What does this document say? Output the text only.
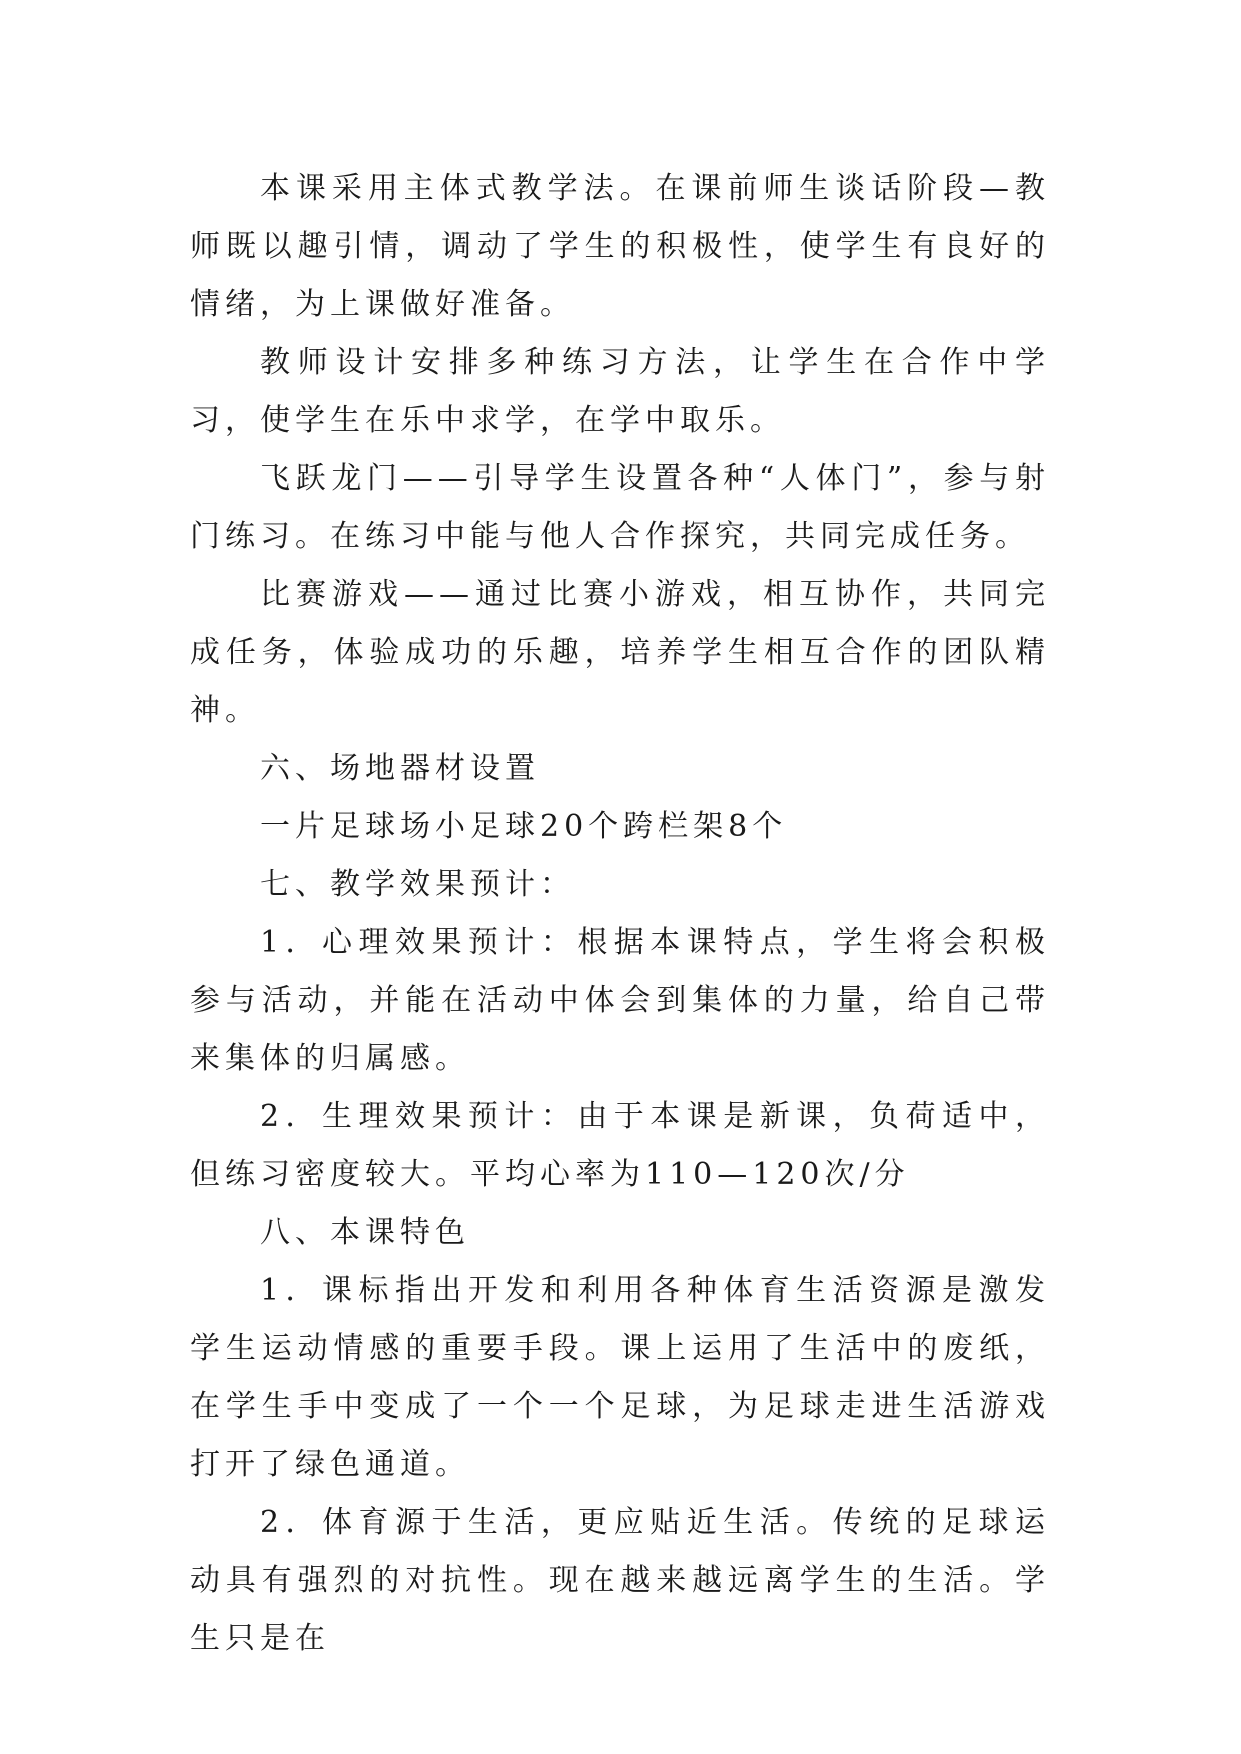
本课采用主体式教学法。在课前师生谈话阶段—教师既以趣引情，调动了学生的积极性，使学生有良好的情绪，为上课做好准备。

教师设计安排多种练习方法，让学生在合作中学习，使学生在乐中求学，在学中取乐。

飞跃龙门——引导学生设置各种“人体门”，参与射门练习。在练习中能与他人合作探究，共同完成任务。

比赛游戏——通过比赛小游戏，相互协作，共同完成任务，体验成功的乐趣，培养学生相互合作的团队精神。

六、场地器材设置

一片足球场小足球20个跨栏架8个

七、教学效果预计：

1．心理效果预计：根据本课特点，学生将会积极参与活动，并能在活动中体会到集体的力量，给自己带来集体的归属感。

2．生理效果预计：由于本课是新课，负荷适中，但练习密度较大。平均心率为110—120次/分

八、本课特色

1．课标指出开发和利用各种体育生活资源是激发学生运动情感的重要手段。课上运用了生活中的废纸，在学生手中变成了一个一个足球，为足球走进生活游戏打开了绿色通道。

2．体育源于生活，更应贴近生活。传统的足球运动具有强烈的对抗性。现在越来越远离学生的生活。学生只是在
